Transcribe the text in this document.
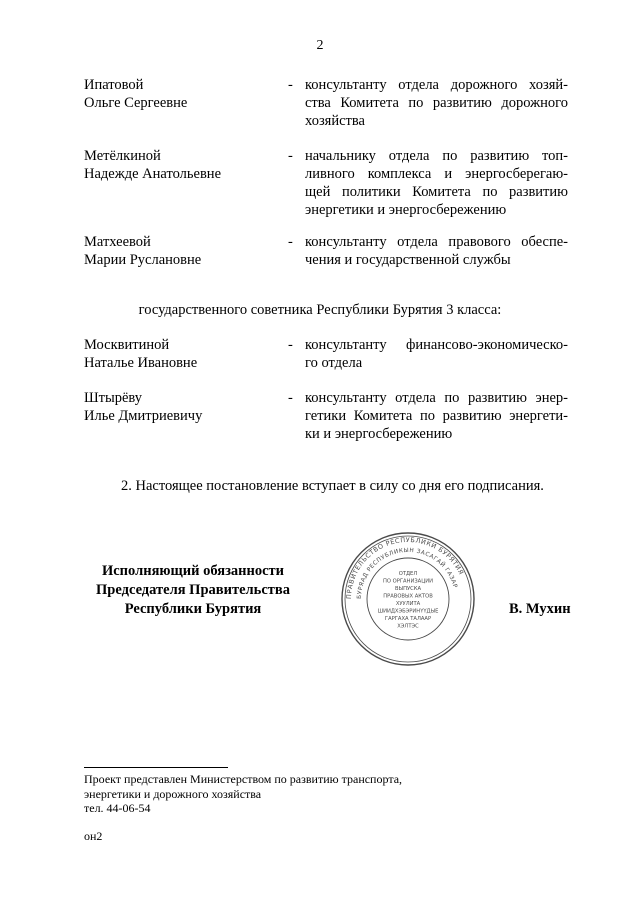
2
Ипатовой
Ольге Сергеевне
- консультанту отдела дорожного хозяй-
ства Комитета по развитию дорожного
хозяйства
Метёлкиной
Надежде Анатольевне
- начальнику отдела по развитию топ-
ливного комплекса и энергосберегаю-
щей политики Комитета по развитию
энергетики и энергосбережению
Матхеевой
Марии Руслановне
- консультанту отдела правового обеспе-
чения и государственной службы
государственного советника Республики Бурятия 3 класса:
Москвитиной
Наталье Ивановне
- консультанту финансово-экономическо-
го отдела
Штырёву
Илье Дмитриевичу
- консультанту отдела по развитию энер-
гетики Комитета по развитию энергети-
ки и энергосбережению
2. Настоящее постановление вступает в силу со дня его подписания.
Исполняющий обязанности
Председателя Правительства
Республики Бурятия
ПРАВИТЕЛЬСТВО РЕСПУБЛИКИ БУРЯТИЯ
БУРЯАД РЕСПУБЛИКЫН ЗАСАГАЙ ГАЗАР
ОТДЕЛ
ПО ОРГАНИЗАЦИИ
ВЫПУСКА
ПРАВОВЫХ АКТОВ
ХУУЛИТА
ШИИДХЭБЭРИНҮҮДЫЕ
ГАРГАХА ТАЛААР
ХЭЛТЭС
В. Мухин
Проект представлен Министерством по развитию транспорта,
энергетики и дорожного хозяйства
тел. 44-06-54
он2
